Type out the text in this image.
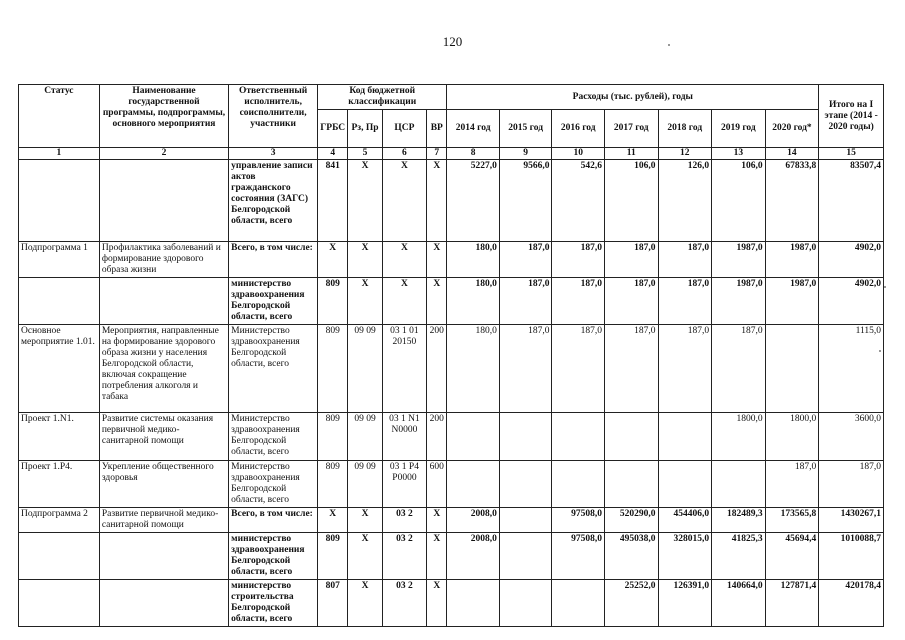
120
Статус	Наименование государственной программы, подпрограммы, основного мероприятия	Ответственный исполнитель, соисполнители, участники	Код бюджетной классификации				Расходы (тыс. рублей), годы							Итого на I этапе (2014 - 2020 годы)
			ГРБС	Рз, Пр	ЦСР	ВР	2014 год	2015 год	2016 год	2017 год	2018 год	2019 год	2020 год*	
1	2	3	4	5	6	7	8	9	10	11	12	13	14	15
		управление записи актов гражданского состояния (ЗАГС) Белгородской области, всего	841	X	X	X	5227,0	9566,0	542,6	106,0	126,0	106,0	67833,8	83507,4
Подпрограмма 1	Профилактика заболеваний и формирование здорового образа жизни	Всего, в том числе:	X	X	X	X	180,0	187,0	187,0	187,0	187,0	1987,0	1987,0	4902,0
		министерство здравоохранения Белгородской области, всего	809	X	X	X	180,0	187,0	187,0	187,0	187,0	1987,0	1987,0	4902,0
Основное мероприятие 1.01.	Мероприятия, направленные на формирование здорового образа жизни у населения Белгородской области, включая сокращение потребления алкоголя и табака	Министерство здравоохранения Белгородской области, всего	809	09 09	03 1 01 20150	200	180,0	187,0	187,0	187,0	187,0	187,0		1115,0
Проект 1.N1.	Развитие системы оказания первичной медико-санитарной помощи	Министерство здравоохранения Белгородской области, всего	809	09 09	03 1 N1 N0000	200						1800,0	1800,0	3600,0
Проект 1.P4.	Укрепление общественного здоровья	Министерство здравоохранения Белгородской области, всего	809	09 09	03 1 P4 P0000	600							187,0	187,0
Подпрограмма 2	Развитие первичной медико-санитарной помощи	Всего, в том числе:	X	X	03 2	X	2008,0		97508,0	520290,0	454406,0	182489,3	173565,8	1430267,1
		министерство здравоохранения Белгородской области, всего	809	X	03 2	X	2008,0		97508,0	495038,0	328015,0	41825,3	45694,4	1010088,7
		министерство строительства Белгородской области, всего	807	X	03 2	X				25252,0	126391,0	140664,0	127871,4	420178,4
